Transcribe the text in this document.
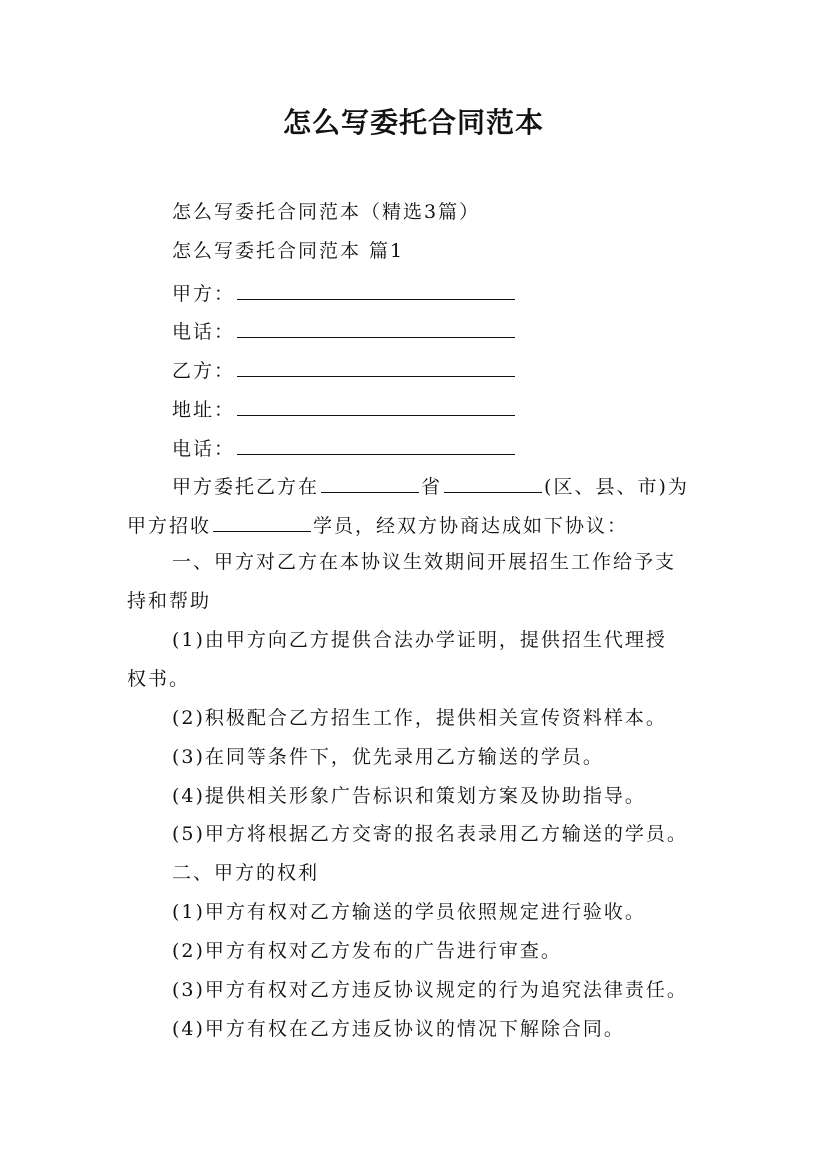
怎么写委托合同范本
怎么写委托合同范本（精选3篇）
怎么写委托合同范本 篇1
甲方：
电话：
乙方：
地址：
电话：
甲方委托乙方在	省	(区、县、市)为
甲方招收	学员，经双方协商达成如下协议：
一、甲方对乙方在本协议生效期间开展招生工作给予支
持和帮助
(1)由甲方向乙方提供合法办学证明，提供招生代理授
权书。
(2)积极配合乙方招生工作，提供相关宣传资料样本。
(3)在同等条件下，优先录用乙方输送的学员。
(4)提供相关形象广告标识和策划方案及协助指导。
(5)甲方将根据乙方交寄的报名表录用乙方输送的学员。
二、甲方的权利
(1)甲方有权对乙方输送的学员依照规定进行验收。
(2)甲方有权对乙方发布的广告进行审查。
(3)甲方有权对乙方违反协议规定的行为追究法律责任。
(4)甲方有权在乙方违反协议的情况下解除合同。
